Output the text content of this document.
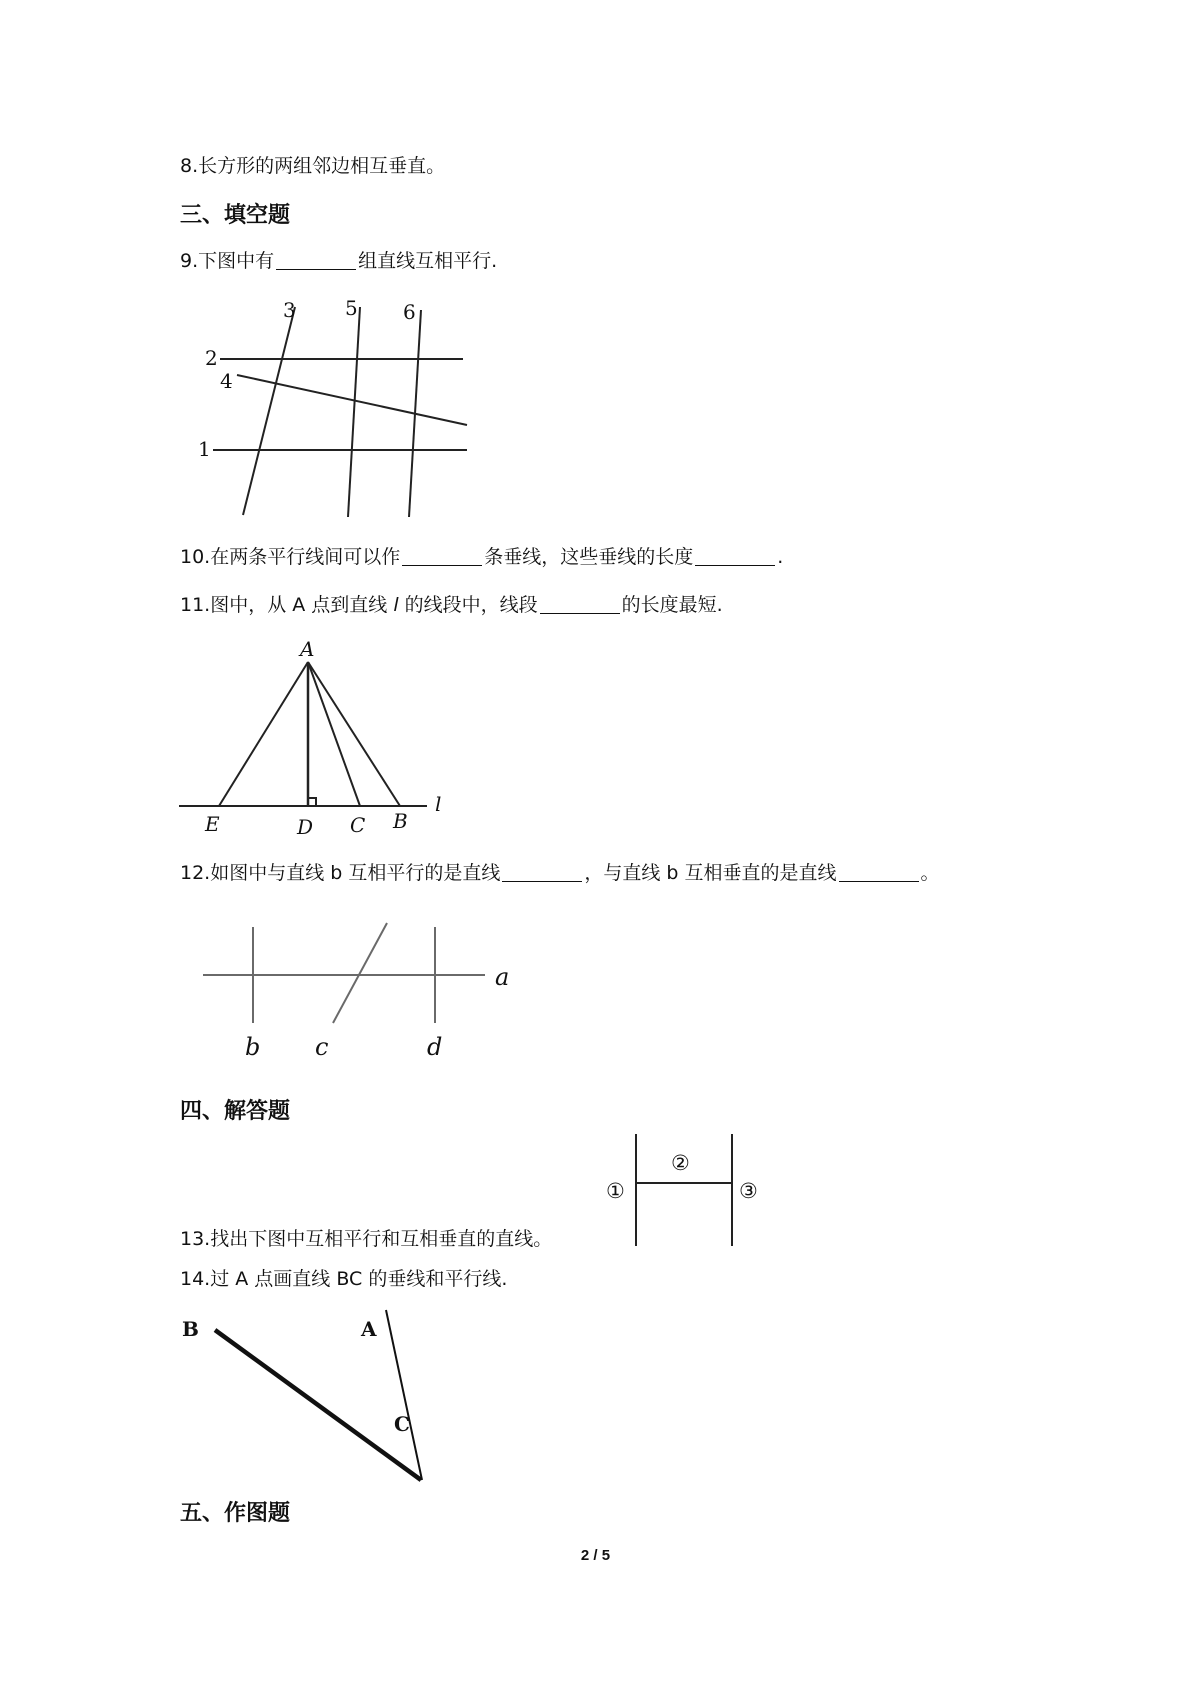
8.长方形的两组邻边相互垂直。
三、填空题
9.下图中有	组直线互相平行.
3 5 6
2
4
1
10.在两条平行线间可以作	条垂线，这些垂线的长度	.
11.图中，从 A 点到直线 l 的线段中，线段	的长度最短.
A
E	D C B
l
12.如图中与直线 b 互相平行的是直线	，与直线 b 互相垂直的是直线	。
a
b c	d
四、解答题
①
②
③
13.找出下图中互相平行和互相垂直的直线。
14.过 A 点画直线 BC 的垂线和平行线.
B	A
C
五、作图题
2 / 5
